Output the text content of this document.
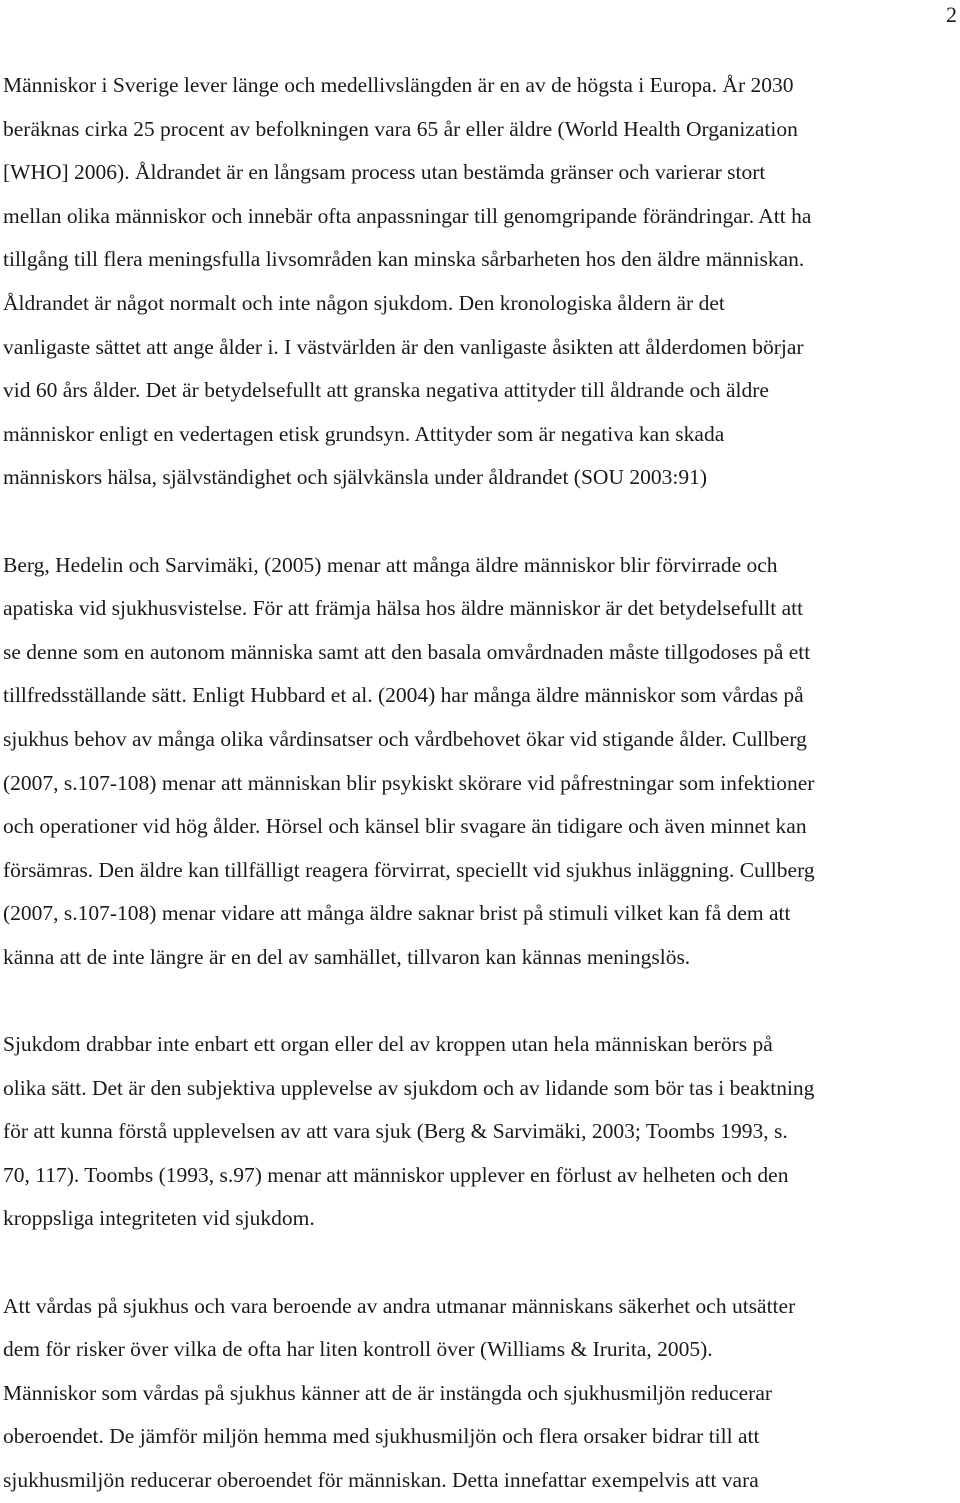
2
Människor i Sverige lever länge och medellivslängden är en av de högsta i Europa. År 2030
beräknas cirka 25 procent av befolkningen vara 65 år eller äldre (World Health Organization
[WHO] 2006). Åldrandet är en långsam process utan bestämda gränser och varierar stort
mellan olika människor och innebär ofta anpassningar till genomgripande förändringar. Att ha
tillgång till flera meningsfulla livsområden kan minska sårbarheten hos den äldre människan.
Åldrandet är något normalt och inte någon sjukdom. Den kronologiska åldern är det
vanligaste sättet att ange ålder i. I västvärlden är den vanligaste åsikten att ålderdomen börjar
vid 60 års ålder. Det är betydelsefullt att granska negativa attityder till åldrande och äldre
människor enligt en vedertagen etisk grundsyn. Attityder som är negativa kan skada
människors hälsa, självständighet och självkänsla under åldrandet (SOU 2003:91)
Berg, Hedelin och Sarvimäki, (2005) menar att många äldre människor blir förvirrade och
apatiska vid sjukhusvistelse. För att främja hälsa hos äldre människor är det betydelsefullt att
se denne som en autonom människa samt att den basala omvårdnaden måste tillgodoses på ett
tillfredsställande sätt. Enligt Hubbard et al. (2004) har många äldre människor som vårdas på
sjukhus behov av många olika vårdinsatser och vårdbehovet ökar vid stigande ålder. Cullberg
(2007, s.107-108) menar att människan blir psykiskt skörare vid påfrestningar som infektioner
och operationer vid hög ålder. Hörsel och känsel blir svagare än tidigare och även minnet kan
försämras. Den äldre kan tillfälligt reagera förvirrat, speciellt vid sjukhus inläggning. Cullberg
(2007, s.107-108) menar vidare att många äldre saknar brist på stimuli vilket kan få dem att
känna att de inte längre är en del av samhället, tillvaron kan kännas meningslös.
Sjukdom drabbar inte enbart ett organ eller del av kroppen utan hela människan berörs på
olika sätt. Det är den subjektiva upplevelse av sjukdom och av lidande som bör tas i beaktning
för att kunna förstå upplevelsen av att vara sjuk (Berg & Sarvimäki, 2003; Toombs 1993, s.
70, 117). Toombs (1993, s.97) menar att människor upplever en förlust av helheten och den
kroppsliga integriteten vid sjukdom.
Att vårdas på sjukhus och vara beroende av andra utmanar människans säkerhet och utsätter
dem för risker över vilka de ofta har liten kontroll över (Williams & Irurita, 2005).
Människor som vårdas på sjukhus känner att de är instängda och sjukhusmiljön reducerar
oberoendet. De jämför miljön hemma med sjukhusmiljön och flera orsaker bidrar till att
sjukhusmiljön reducerar oberoendet för människan. Detta innefattar exempelvis att vara
